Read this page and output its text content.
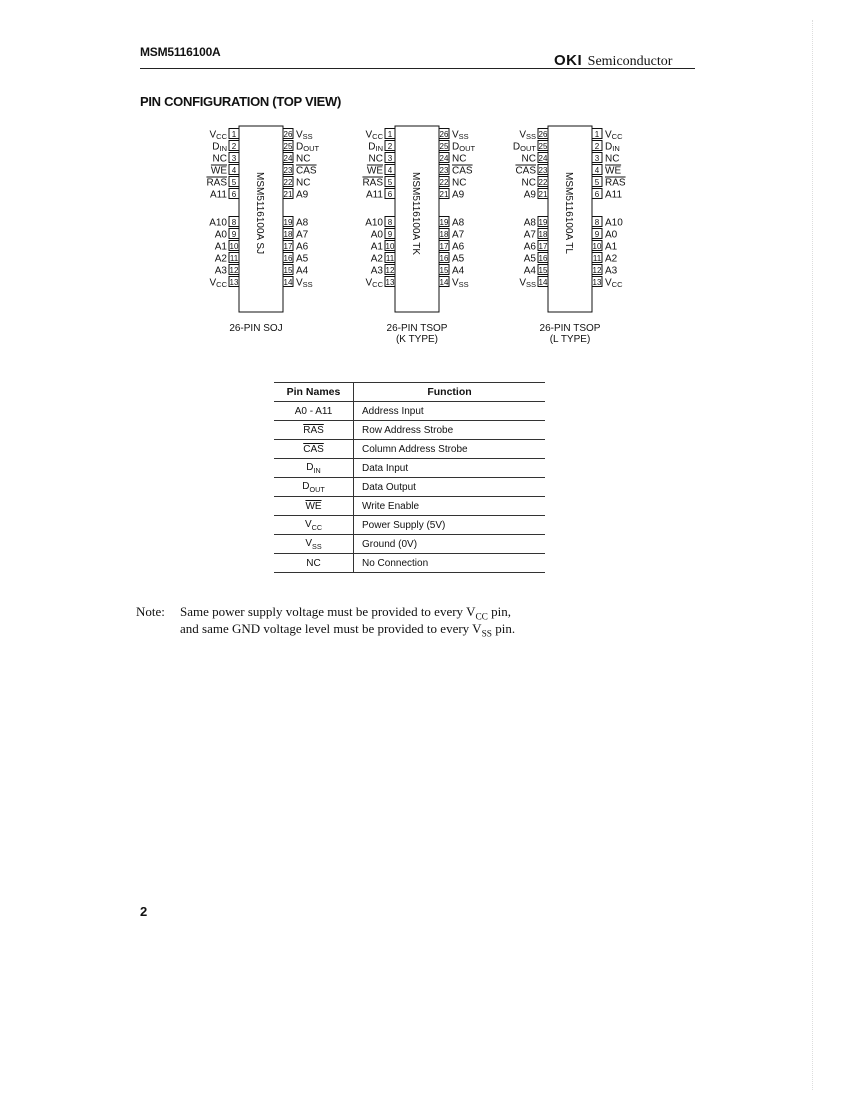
MSM5116100A	OKI Semiconductor
PIN CONFIGURATION (TOP VIEW)
1
VCC
2
DIN
3
NC
4
WE
5
RAS
6
A11
8
A10
9
A0
10
A1
11
A2
12
A3
13
VCC
26 VSS
25 DOUT
24 NC
23 CAS
22 NC
21 A9
19 A8
18 A7
17 A6
16 A5
15 A4
14 VSS
MSM5116100A SJ
26-PIN SOJ
1
VCC
2
DIN
3
NC
4
WE
5
RAS
6
A11
8
A10
9
A0
10
A1
11
A2
12
A3
13
VCC
26 VSS
25 DOUT
24 NC
23 CAS
22 NC
21 A9
19 A8
18 A7
17 A6
16 A5
15 A4
14 VSS
MSM5116100A TK
26-PIN TSOP
(K TYPE)
26
VSS
25
DOUT
24
NC
23
CAS
22
NC
21
A9
19
A8
18
A7
17
A6
16
A5
15
A4
14
VSS
1 VCC
2 DIN
3 NC
4 WE
5 RAS
6 A11
8 A10
9 A0
10 A1
11 A2
12 A3
13 VCC
MSM5116100A TL
26-PIN TSOP
(L TYPE)
Pin Names	Function
A0 - A11	Address Input
$\overline{RAS}$	Row Address Strobe
$\overline{CAS}$	Column Address Strobe
$D_{IN}$	Data Input
$D_{OUT}$	Data Output
$\overline{WE}$	Write Enable
$V_{CC}$	Power Supply (5V)
$V_{SS}$	Ground (0V)
NC	No Connection
Note: Same power supply voltage must be provided to every $V_{CC}$ pin,
and same GND voltage level must be provided to every $V_{SS}$ pin.
2
